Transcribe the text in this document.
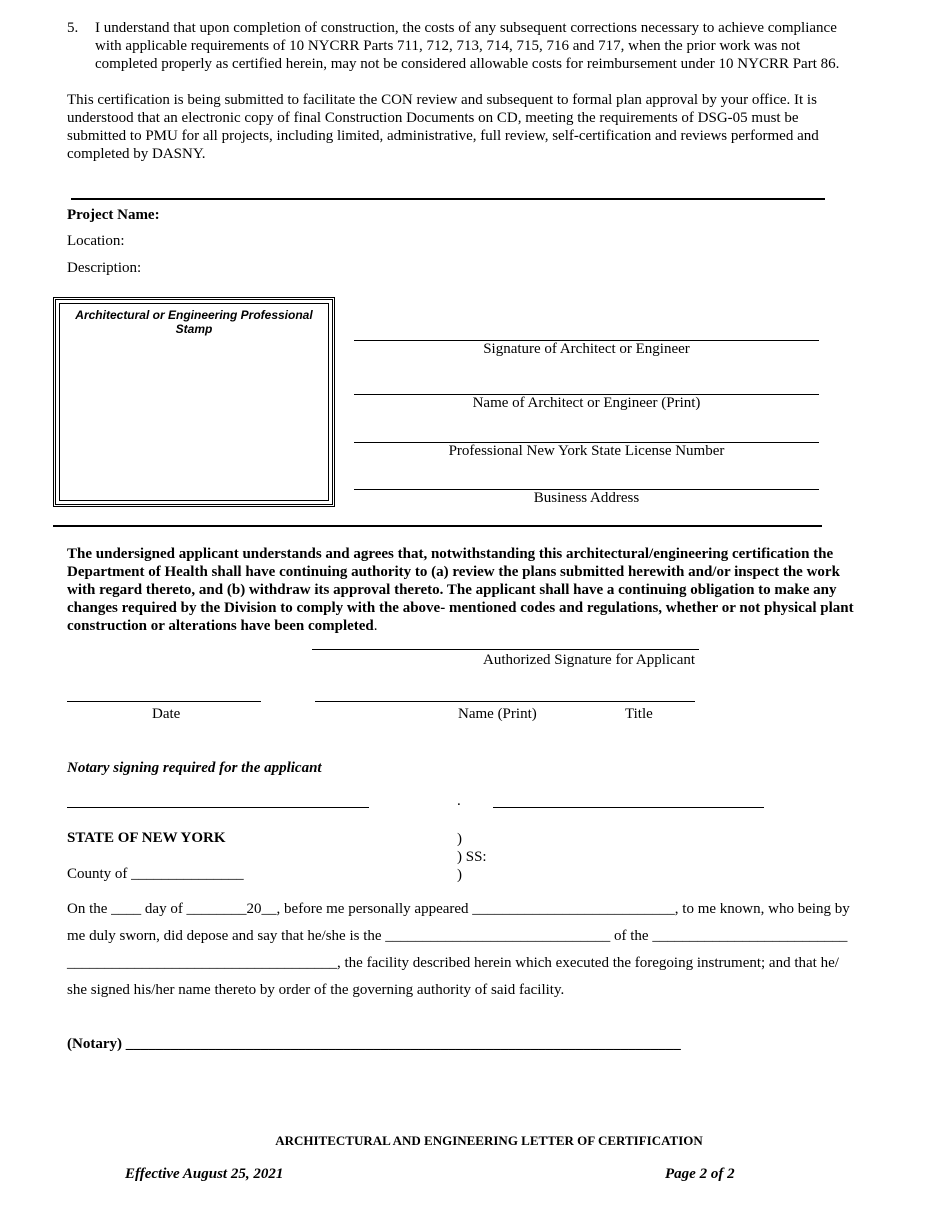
5. I understand that upon completion of construction, the costs of any subsequent corrections necessary to achieve compliance
with applicable requirements of 10 NYCRR Parts 711, 712, 713, 714, 715, 716 and 717, when the prior work was not
completed properly as certified herein, may not be considered allowable costs for reimbursement under 10 NYCRR Part 86.
This certification is being submitted to facilitate the CON review and subsequent to formal plan approval by your office. It is
understood that an electronic copy of final Construction Documents on CD, meeting the requirements of DSG-05 must be
submitted to PMU for all projects, including limited, administrative, full review, self-certification and reviews performed and
completed by DASNY.
Project Name:
Location:
Description:
Architectural or Engineering Professional
Stamp
Signature of Architect or Engineer
Name of Architect or Engineer (Print)
Professional New York State License Number
Business Address
The undersigned applicant understands and agrees that, notwithstanding this architectural/engineering certification the
Department of Health shall have continuing authority to (a) review the plans submitted herewith and/or inspect the work
with regard thereto, and (b) withdraw its approval thereto. The applicant shall have a continuing obligation to make any
changes required by the Division to comply with the above- mentioned codes and regulations, whether or not physical plant
construction or alterations have been completed.
Authorized Signature for Applicant
Date	Name (Print)	Title
Notary signing required for the applicant
.
STATE OF NEW YORK
County of _______________
)
) SS:
)
On the ____ day of ________20__, before me personally appeared ___________________________, to me known, who being by
me duly sworn, did depose and say that he/she is the ______________________________ of the __________________________
____________________________________, the facility described herein which executed the foregoing instrument; and that he/
she signed his/her name thereto by order of the governing authority of said facility.
(Notary) __________________________________________________________________________
ARCHITECTURAL AND ENGINEERING LETTER OF CERTIFICATION
Effective August 25, 2021	Page 2 of 2
